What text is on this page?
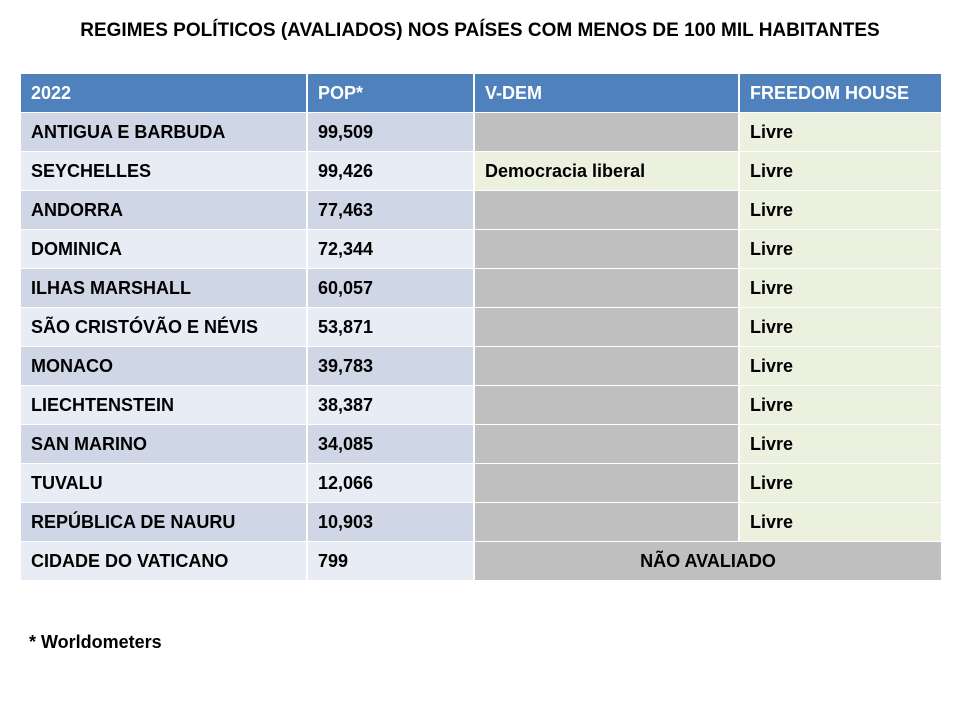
REGIMES POLÍTICOS (AVALIADOS) NOS PAÍSES COM MENOS DE 100 MIL HABITANTES
2022	POP*	V-DEM	FREEDOM HOUSE
ANTIGUA E BARBUDA	99,509		Livre
SEYCHELLES	99,426	Democracia liberal	Livre
ANDORRA	77,463		Livre
DOMINICA	72,344		Livre
ILHAS MARSHALL	60,057		Livre
SÃO CRISTÓVÃO E NÉVIS	53,871		Livre
MONACO	39,783		Livre
LIECHTENSTEIN	38,387		Livre
SAN MARINO	34,085		Livre
TUVALU	12,066		Livre
REPÚBLICA DE NAURU	10,903		Livre
CIDADE DO VATICANO	799	NÃO AVALIADO	
* Worldometers
